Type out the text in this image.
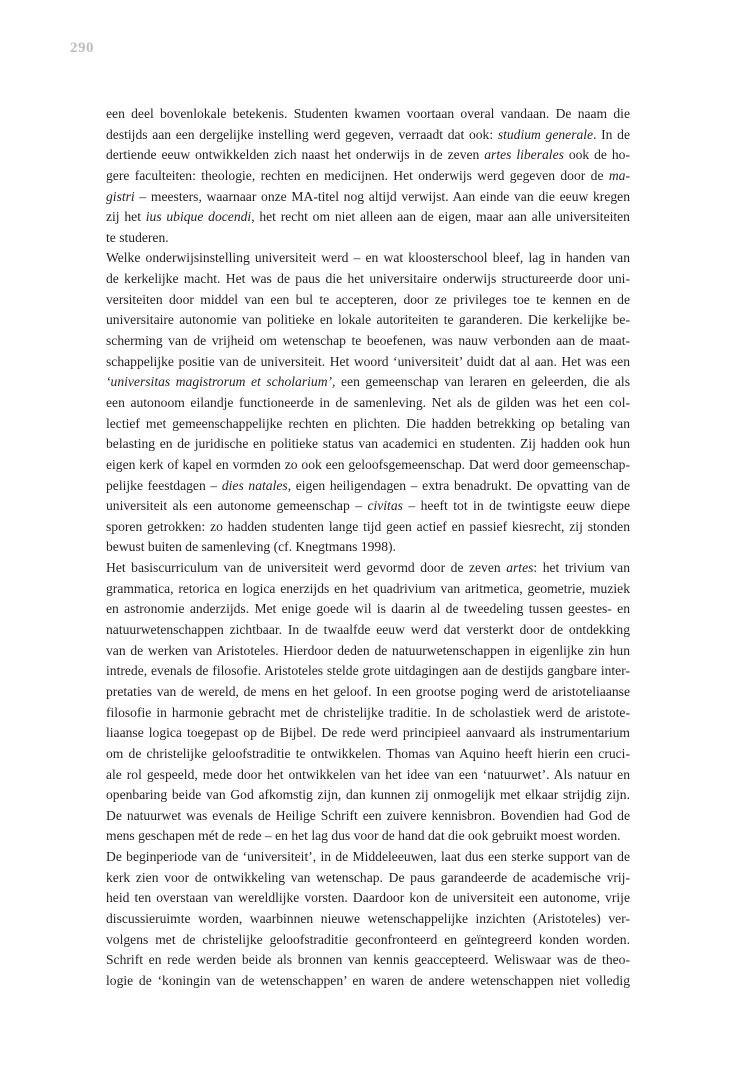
290
een deel bovenlokale betekenis. Studenten kwamen voortaan overal vandaan. De naam die
destijds aan een dergelijke instelling werd gegeven, verraadt dat ook: studium generale. In de
dertiende eeuw ontwikkelden zich naast het onderwijs in de zeven artes liberales ook de ho-
gere faculteiten: theologie, rechten en medicijnen. Het onderwijs werd gegeven door de ma-
gistri – meesters, waarnaar onze MA-titel nog altijd verwijst. Aan einde van die eeuw kregen
zij het ius ubique docendi, het recht om niet alleen aan de eigen, maar aan alle universiteiten
te studeren.
Welke onderwijsinstelling universiteit werd – en wat kloosterschool bleef, lag in handen van
de kerkelijke macht. Het was de paus die het universitaire onderwijs structureerde door uni-
versiteiten door middel van een bul te accepteren, door ze privileges toe te kennen en de
universitaire autonomie van politieke en lokale autoriteiten te garanderen. Die kerkelijke be-
scherming van de vrijheid om wetenschap te beoefenen, was nauw verbonden aan de maat-
schappelijke positie van de universiteit. Het woord ‘universiteit’ duidt dat al aan. Het was een
‘universitas magistrorum et scholarium’, een gemeenschap van leraren en geleerden, die als
een autonoom eilandje functioneerde in de samenleving. Net als de gilden was het een col-
lectief met gemeenschappelijke rechten en plichten. Die hadden betrekking op betaling van
belasting en de juridische en politieke status van academici en studenten. Zij hadden ook hun
eigen kerk of kapel en vormden zo ook een geloofsgemeenschap. Dat werd door gemeenschap-
pelijke feestdagen – dies natales, eigen heiligendagen – extra benadrukt. De opvatting van de
universiteit als een autonome gemeenschap – civitas – heeft tot in de twintigste eeuw diepe
sporen getrokken: zo hadden studenten lange tijd geen actief en passief kiesrecht, zij stonden
bewust buiten de samenleving (cf. Knegtmans 1998).
Het basiscurriculum van de universiteit werd gevormd door de zeven artes: het trivium van
grammatica, retorica en logica enerzijds en het quadrivium van aritmetica, geometrie, muziek
en astronomie anderzijds. Met enige goede wil is daarin al de tweedeling tussen geestes- en
natuurwetenschappen zichtbaar. In de twaalfde eeuw werd dat versterkt door de ontdekking
van de werken van Aristoteles. Hierdoor deden de natuurwetenschappen in eigenlijke zin hun
intrede, evenals de filosofie. Aristoteles stelde grote uitdagingen aan de destijds gangbare inter-
pretaties van de wereld, de mens en het geloof. In een grootse poging werd de aristoteliaanse
filosofie in harmonie gebracht met de christelijke traditie. In de scholastiek werd de aristote-
liaanse logica toegepast op de Bijbel. De rede werd principieel aanvaard als instrumentarium
om de christelijke geloofstraditie te ontwikkelen. Thomas van Aquino heeft hierin een cruci-
ale rol gespeeld, mede door het ontwikkelen van het idee van een ‘natuurwet’. Als natuur en
openbaring beide van God afkomstig zijn, dan kunnen zij onmogelijk met elkaar strijdig zijn.
De natuurwet was evenals de Heilige Schrift een zuivere kennisbron. Bovendien had God de
mens geschapen mét de rede – en het lag dus voor de hand dat die ook gebruikt moest worden.
De beginperiode van de ‘universiteit’, in de Middeleeuwen, laat dus een sterke support van de
kerk zien voor de ontwikkeling van wetenschap. De paus garandeerde de academische vrij-
heid ten overstaan van wereldlijke vorsten. Daardoor kon de universiteit een autonome, vrije
discussieruimte worden, waarbinnen nieuwe wetenschappelijke inzichten (Aristoteles) ver-
volgens met de christelijke geloofstraditie geconfronteerd en geïntegreerd konden worden.
Schrift en rede werden beide als bronnen van kennis geaccepteerd. Weliswaar was de theo-
logie de ‘koningin van de wetenschappen’ en waren de andere wetenschappen niet volledig
